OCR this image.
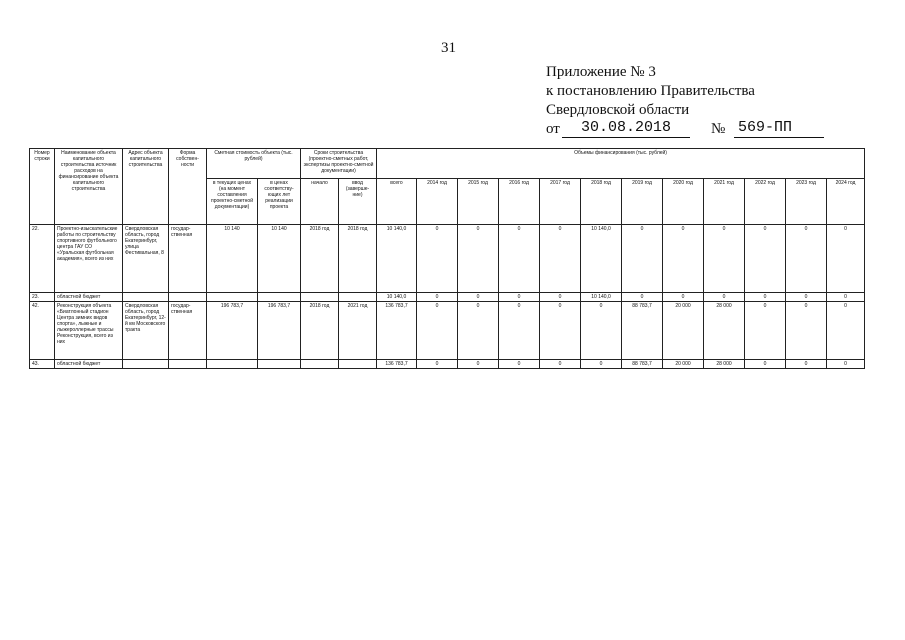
31
Приложение № 3
к постановлению Правительства
Свердловской области
от	30.08.2018	№ 569-ПП
Номер строки	Наименование объекта капитального строительства источник расходов на финансирование объекта капитального строительства	Адрес объекта капитального строительства	Форма собствен-ности	Сметная стоимость объекта (тыс. рублей)		Сроки строительства (проектно-сметных работ, экспертизы проектно-сметной документации)		Объемы финансирования (тыс. рублей)											
				в текущих ценах (на момент составления проектно-сметной документации)	в ценах соответству-ющих лет реализации проекта	начало	ввод (заверше-ние)	всего	2014 год	2015 год	2016 год	2017 год	2018 год	2019 год	2020 год	2021 год	2022 год	2023 год	2024 год
22.	Проектно-изыскательские работы по строительству спортивного футбольного центра ГАУ СО «Уральская футбольная академия», всего из них	Свердловская область, город Екатеринбург, улица Фестивальная, 8	государ-ственная	10 140	10 140	2018 год	2018 год	10 140,0	0	0	0	0	10 140,0	0	0	0	0	0	0
23.	областной бюджет							10 140,0	0	0	0	0	10 140,0	0	0	0	0	0	0
42.	Реконструкция объекта «Биатлонный стадион Центра зимних видов спорта», лыжные и лыжероллерные трассы Реконструкция, всего из них	Свердловская область, город Екатеринбург, 12-й км Московского тракта	государ-ственная	196 783,7	196 783,7	2018 год	2021 год	136 783,7	0	0	0	0	0	88 783,7	20 000	28 000	0	0	0
43.	областной бюджет							136 783,7	0	0	0	0	0	88 783,7	20 000	28 000	0	0	0
